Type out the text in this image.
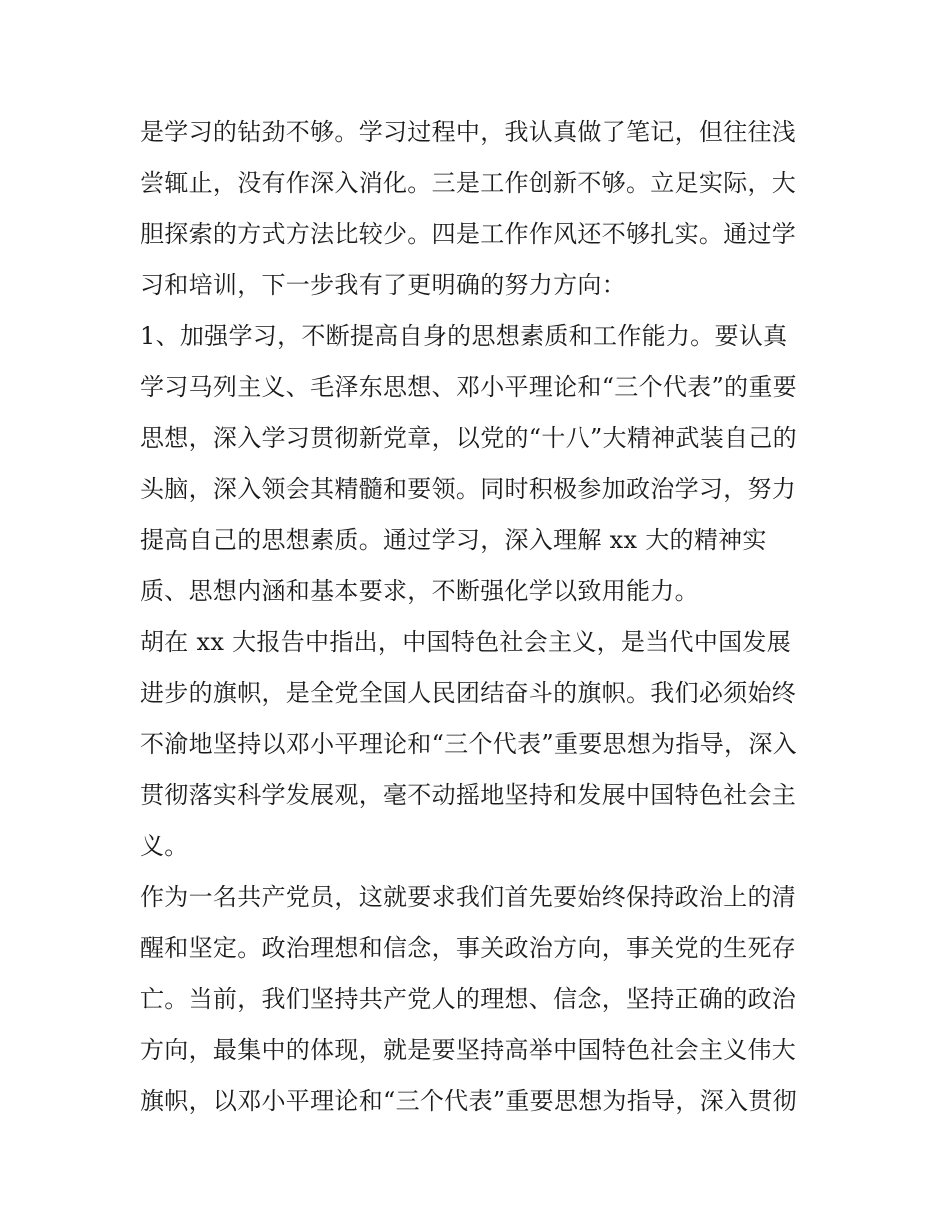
是学习的钻劲不够。学习过程中，我认真做了笔记，但往往浅
尝辄止，没有作深入消化。三是工作创新不够。立足实际，大
胆探索的方式方法比较少。四是工作作风还不够扎实。通过学
习和培训，下一步我有了更明确的努力方向：
1、加强学习，不断提高自身的思想素质和工作能力。要认真
学习马列主义、毛泽东思想、邓小平理论和“三个代表”的重要
思想，深入学习贯彻新党章，以党的“十八”大精神武装自己的
头脑，深入领会其精髓和要领。同时积极参加政治学习，努力
提高自己的思想素质。通过学习，深入理解 xx 大的精神实
质、思想内涵和基本要求，不断强化学以致用能力。
胡在 xx 大报告中指出，中国特色社会主义，是当代中国发展
进步的旗帜，是全党全国人民团结奋斗的旗帜。我们必须始终
不渝地坚持以邓小平理论和“三个代表”重要思想为指导，深入
贯彻落实科学发展观，毫不动摇地坚持和发展中国特色社会主
义。
作为一名共产党员，这就要求我们首先要始终保持政治上的清
醒和坚定。政治理想和信念，事关政治方向，事关党的生死存
亡。当前，我们坚持共产党人的理想、信念，坚持正确的政治
方向，最集中的体现，就是要坚持高举中国特色社会主义伟大
旗帜，以邓小平理论和“三个代表”重要思想为指导，深入贯彻
